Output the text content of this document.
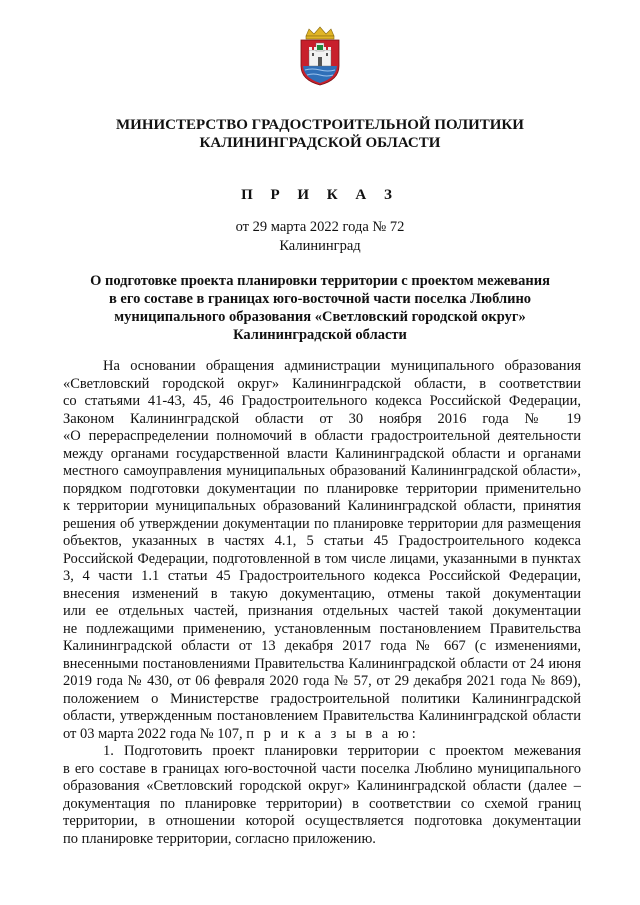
МИНИСТЕРСТВО ГРАДОСТРОИТЕЛЬНОЙ ПОЛИТИКИ
КАЛИНИНГРАДСКОЙ ОБЛАСТИ
П Р И К А З
от 29 марта 2022 года № 72
Калининград
О подготовке проекта планировки территории с проектом межевания
в его составе в границах юго-восточной части поселка Люблино
муниципального образования «Светловский городской округ»
Калининградской области
На основании обращения администрации муниципального образования
«Светловский городской округ» Калининградской области, в соответствии
со статьями 41-43, 45, 46 Градостроительного кодекса Российской Федерации,
Законом Калининградской области от 30 ноября 2016 года № 19
«О перераспределении полномочий в области градостроительной деятельности
между органами государственной власти Калининградской области и органами
местного самоуправления муниципальных образований Калининградской области»,
порядком подготовки документации по планировке территории применительно
к территории муниципальных образований Калининградской области, принятия
решения об утверждении документации по планировке территории для размещения
объектов, указанных в частях 4.1, 5 статьи 45 Градостроительного кодекса
Российской Федерации, подготовленной в том числе лицами, указанными в пунктах
3, 4 части 1.1 статьи 45 Градостроительного кодекса Российской Федерации,
внесения изменений в такую документацию, отмены такой документации
или ее отдельных частей, признания отдельных частей такой документации
не подлежащими применению, установленным постановлением Правительства
Калининградской области от 13 декабря 2017 года № 667 (с изменениями,
внесенными постановлениями Правительства Калининградской области от 24 июня
2019 года № 430, от 06 февраля 2020 года № 57, от 29 декабря 2021 года № 869),
положением о Министерстве градостроительной политики Калининградской
области, утвержденным постановлением Правительства Калининградской области
от 03 марта 2022 года № 107, п р и к а з ы в а ю:
1. Подготовить проект планировки территории с проектом межевания
в его составе в границах юго-восточной части поселка Люблино муниципального
образования «Светловский городской округ» Калининградской области (далее –
документация по планировке территории) в соответствии со схемой границ
территории, в отношении которой осуществляется подготовка документации
по планировке территории, согласно приложению.
